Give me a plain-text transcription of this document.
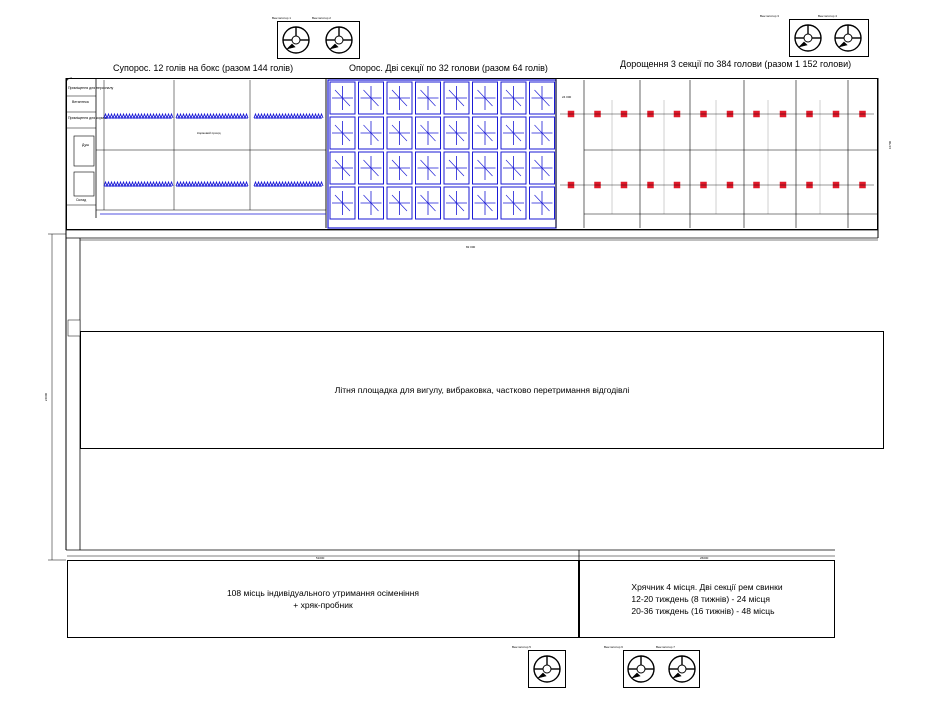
Супорос. 12 голів на бокс (разом 144 голів)	Опорос. Дві секції по 32 голови (разом 64 голів)	Дорощення 3 секції по 384 голови (разом 1 152 голови)
Вентилятор 1	Вентилятор 2	Вентилятор 3	Вентилятор 4
Вентилятор 5	Вентилятор 6	Вентилятор 7
Літня площадка для вигулу, вибраковка, частково перетримання відгодівлі
108 місць індивідуального утримання осіменіння
+ хряк-пробник
Хрячник 4 місця. Дві секції рем свинки
12-20 тиждень (8 тижнів) - 24 місця
20-36 тиждень (16 тижнів) - 48 місць
Приміщення для персоналу
Ветаптека
Приміщення для кормів
Душ
Склад
Кормовий прохід
82 000
16700
24000
51000	26000
24 000
